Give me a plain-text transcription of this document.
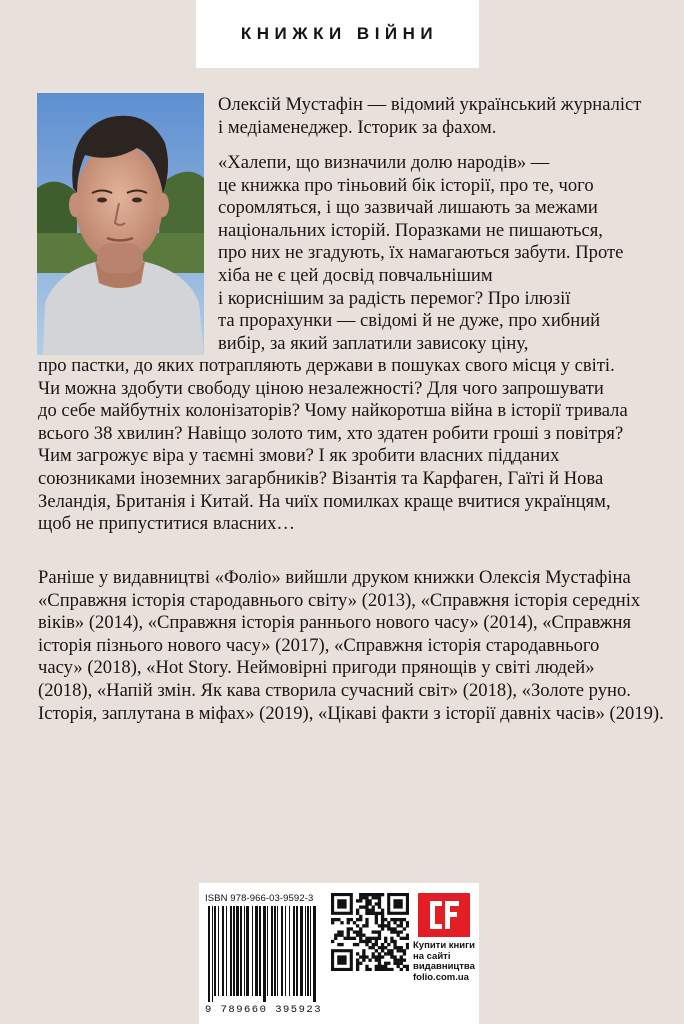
КНИЖКИ ВІЙНИ
Олексій Мустафін — відомий український журналіст
і медіаменеджер. Історик за фахом.
«Халепи, що визначили долю народів» —
це книжка про тіньовий бік історії, про те, чого
соромляться, і що зазвичай лишають за межами
національних історій. Поразками не пишаються,
про них не згадують, їх намагаються забути. Проте
хіба не є цей досвід повчальнішим
і кориснішим за радість перемог? Про ілюзії
та прорахунки — свідомі й не дуже, про хибний
вибір, за який заплатили зависоку ціну,
про пастки, до яких потрапляють держави в пошуках свого місця у світі.
Чи можна здобути свободу ціною незалежності? Для чого запрошувати
до себе майбутніх колонізаторів? Чому найкоротша війна в історії тривала
всього 38 хвилин? Навіщо золото тим, хто здатен робити гроші з повітря?
Чим загрожує віра у таємні змови? І як зробити власних підданих
союзниками іноземних загарбників? Візантія та Карфаген, Гаїті й Нова
Зеландія, Британія і Китай. На чиїх помилках краще вчитися українцям,
щоб не припуститися власних…
Раніше у видавництві «Фоліо» вийшли друком книжки Олексія Мустафіна
«Справжня історія стародавнього світу» (2013), «Справжня історія середніх
віків» (2014), «Справжня історія раннього нового часу» (2014), «Справжня
історія пізнього нового часу» (2017), «Справжня історія стародавнього
часу» (2018), «Hot Story. Неймовірні пригоди прянощів у світі людей»
(2018), «Напій змін. Як кава створила сучасний світ» (2018), «Золоте руно.
Історія, заплутана в міфах» (2019), «Цікаві факти з історії давніх часів» (2019).
ISBN 978-966-03-9592-3
9 789660 395923
Купити книги
на сайті
видавництва
folio.com.ua
